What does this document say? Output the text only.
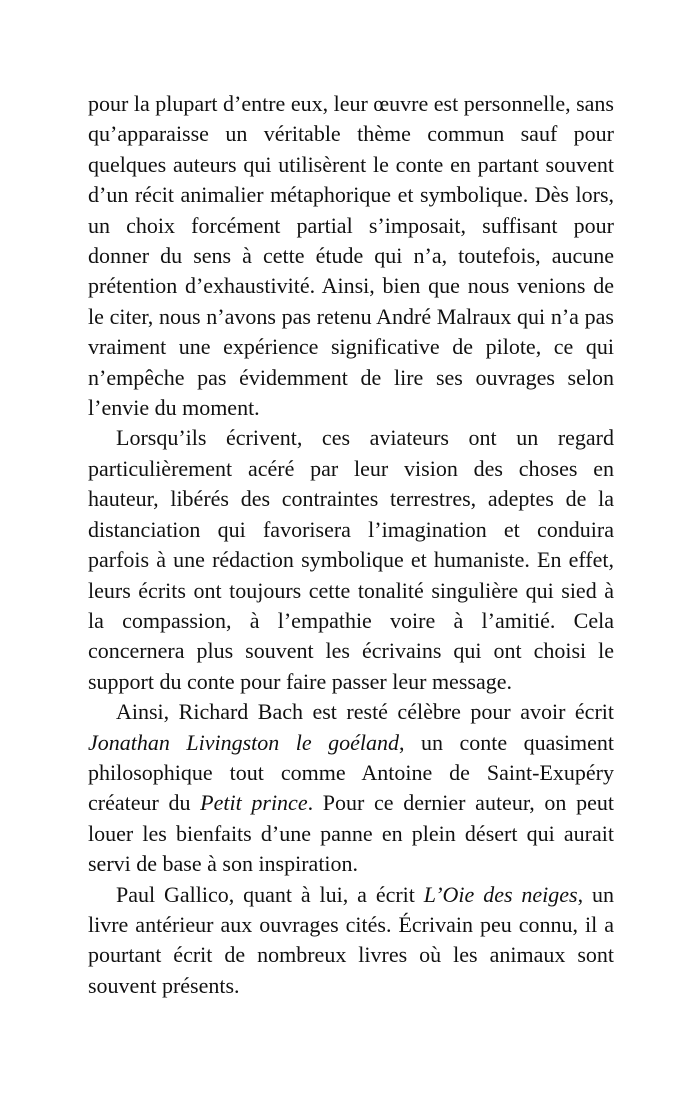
pour la plupart d’entre eux, leur œuvre est personnelle, sans qu’apparaisse un véritable thème commun sauf pour quelques auteurs qui utilisèrent le conte en partant souvent d’un récit animalier métaphorique et symbolique. Dès lors, un choix forcément partial s’imposait, suffisant pour donner du sens à cette étude qui n’a, toutefois, aucune prétention d’exhaustivité. Ainsi, bien que nous venions de le citer, nous n’avons pas retenu André Malraux qui n’a pas vraiment une expérience significative de pilote, ce qui n’empêche pas évidemment de lire ses ouvrages selon l’envie du moment.

Lorsqu’ils écrivent, ces aviateurs ont un regard particulièrement acéré par leur vision des choses en hauteur, libérés des contraintes terrestres, adeptes de la distanciation qui favorisera l’imagination et conduira parfois à une rédaction symbolique et humaniste. En effet, leurs écrits ont toujours cette tonalité singulière qui sied à la compassion, à l’empathie voire à l’amitié. Cela concernera plus souvent les écrivains qui ont choisi le support du conte pour faire passer leur message.

Ainsi, Richard Bach est resté célèbre pour avoir écrit Jonathan Livingston le goéland, un conte quasiment philosophique tout comme Antoine de Saint-Exupéry créateur du Petit prince. Pour ce dernier auteur, on peut louer les bienfaits d’une panne en plein désert qui aurait servi de base à son inspiration.

Paul Gallico, quant à lui, a écrit L’Oie des neiges, un livre antérieur aux ouvrages cités. Écrivain peu connu, il a pourtant écrit de nombreux livres où les animaux sont souvent présents.
